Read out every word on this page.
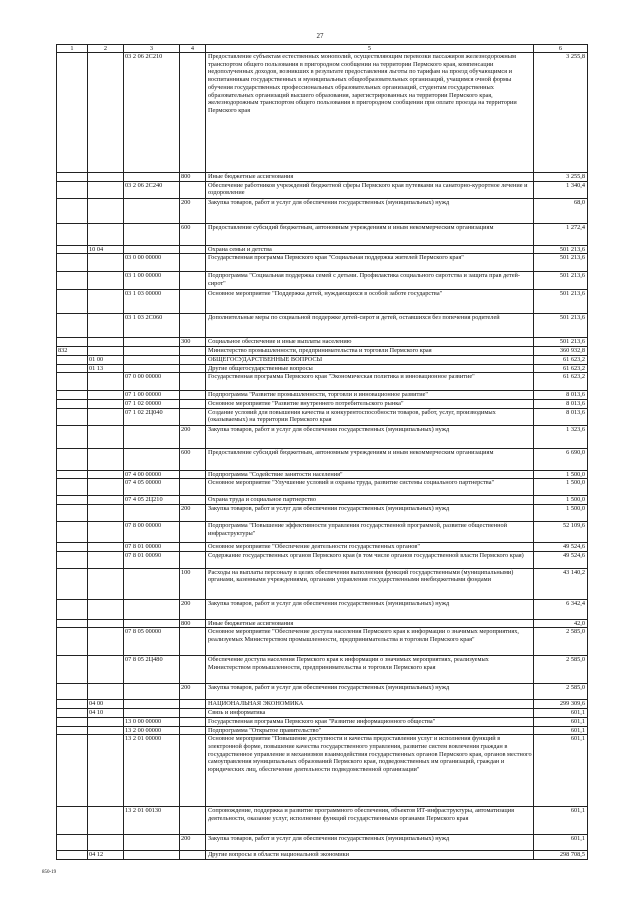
27
1	2	3	4	5	6
		03 2 06 2С210		Предоставление субъектам естественных монополий, осуществляющим перевозки пассажиров железнодорожным транспортом общего пользования в пригородном сообщении на территории Пермского края, компенсации недополученных доходов, возникших в результате предоставления льготы по тарифам на проезд обучающимся и воспитанникам государственных и муниципальных общеобразовательных организаций, учащимся очной формы обучения государственных профессиональных образовательных организаций, студентам государственных образовательных организаций высшего образования, зарегистрированных на территории Пермского края, железнодорожным транспортом общего пользования в пригородном сообщении при оплате проезда на территории Пермского края	3 255,8
			800	Иные бюджетные ассигнования	3 255,8
		03 2 06 2С240		Обеспечение работников учреждений бюджетной сферы Пермского края путевками на санаторно-курортное лечение и оздоровление	1 340,4
			200	Закупка товаров, работ и услуг для обеспечения государственных (муниципальных) нужд	68,0
			600	Предоставление субсидий бюджетным, автономным учреждениям и иным некоммерческим организациям	1 272,4
	10 04			Охрана семьи и детства	501 213,6
		03 0 00 00000		Государственная программа Пермского края "Социальная поддержка жителей Пермского края"	501 213,6
		03 1 00 00000		Подпрограмма "Социальная поддержка семей с детьми. Профилактика социального сиротства и защита прав детей-сирот"	501 213,6
		03 1 03 00000		Основное мероприятие "Поддержка детей, нуждающихся в особой заботе государства"	501 213,6
		03 1 03 2С060		Дополнительные меры по социальной поддержке детей-сирот и детей, оставшихся без попечения родителей	501 213,6
			300	Социальное обеспечение и иные выплаты населению	501 213,6
832				Министерство промышленности, предпринимательства и торговли Пермского края	360 932,8
	01 00			ОБЩЕГОСУДАРСТВЕННЫЕ ВОПРОСЫ	61 623,2
	01 13			Другие общегосударственные вопросы	61 623,2
		07 0 00 00000		Государственная программа Пермского края "Экономическая политика и инновационное развитие"	61 623,2
		07 1 00 00000		Подпрограмма "Развитие промышленности, торговли и инновационное развитие"	8 013,6
		07 1 02 00000		Основное мероприятие "Развитие внутреннего потребительского рынка"	8 013,6
		07 1 02 2Ц040		Создание условий для повышения качества и конкурентоспособности товаров, работ, услуг, производимых (оказываемых) на территории Пермского края	8 013,6
			200	Закупка товаров, работ и услуг для обеспечения государственных (муниципальных) нужд	1 323,6
			600	Предоставление субсидий бюджетным, автономным учреждениям и иным некоммерческим организациям	6 690,0
		07 4 00 00000		Подпрограмма "Содействие занятости населения"	1 500,0
		07 4 05 00000		Основное мероприятие "Улучшение условий и охраны труда, развитие системы социального партнерства"	1 500,0
		07 4 05 2Ц210		Охрана труда и социальное партнерство	1 500,0
			200	Закупка товаров, работ и услуг для обеспечения государственных (муниципальных) нужд	1 500,0
		07 8 00 00000		Подпрограмма "Повышение эффективности управления государственной программой, развитие общественной инфраструктуры"	52 109,6
		07 8 01 00000		Основное мероприятие "Обеспечение деятельности государственных органов"	49 524,6
		07 8 01 00090		Содержание государственных органов Пермского края (в том числе органов государственной власти Пермского края)	49 524,6
			100	Расходы на выплаты персоналу в целях обеспечения выполнения функций государственными (муниципальными) органами, казенными учреждениями, органами управления государственными внебюджетными фондами	43 140,2
			200	Закупка товаров, работ и услуг для обеспечения государственных (муниципальных) нужд	6 342,4
			800	Иные бюджетные ассигнования	42,0
		07 8 05 00000		Основное мероприятие "Обеспечение доступа населения Пермского края к информации о значимых мероприятиях, реализуемых Министерством промышленности, предпринимательства и торговли Пермского края"	2 585,0
		07 8 05 2Ц480		Обеспечение доступа населения Пермского края к информации о значимых мероприятиях, реализуемых Министерством промышленности, предпринимательства и торговли Пермского края	2 585,0
			200	Закупка товаров, работ и услуг для обеспечения государственных (муниципальных) нужд	2 585,0
	04 00			НАЦИОНАЛЬНАЯ ЭКОНОМИКА	299 309,6
	04 10			Связь и информатика	601,1
		13 0 00 00000		Государственная программа Пермского края "Развитие информационного общества"	601,1
		13 2 00 00000		Подпрограмма "Открытое правительство"	601,1
		13 2 01 00000		Основное мероприятие "Повышение доступности и качества предоставления услуг и исполнения функций в электронной форме, повышение качества государственного управления, развитие систем вовлечения граждан в государственное управление и механизмов взаимодействия государственных органов Пермского края, органов местного самоуправления муниципальных образований Пермского края, подведомственных им организаций, граждан и юридических лиц, обеспечение деятельности подведомственной организации"	601,1
		13 2 01 00130		Сопровождение, поддержка и развитие программного обеспечения, объектов ИТ-инфраструктуры, автоматизация деятельности, оказание услуг, исполнение функций государственными органами Пермского края	601,1
			200	Закупка товаров, работ и услуг для обеспечения государственных (муниципальных) нужд	601,1
	04 12			Другие вопросы в области национальной экономики	298 708,5
850-19
